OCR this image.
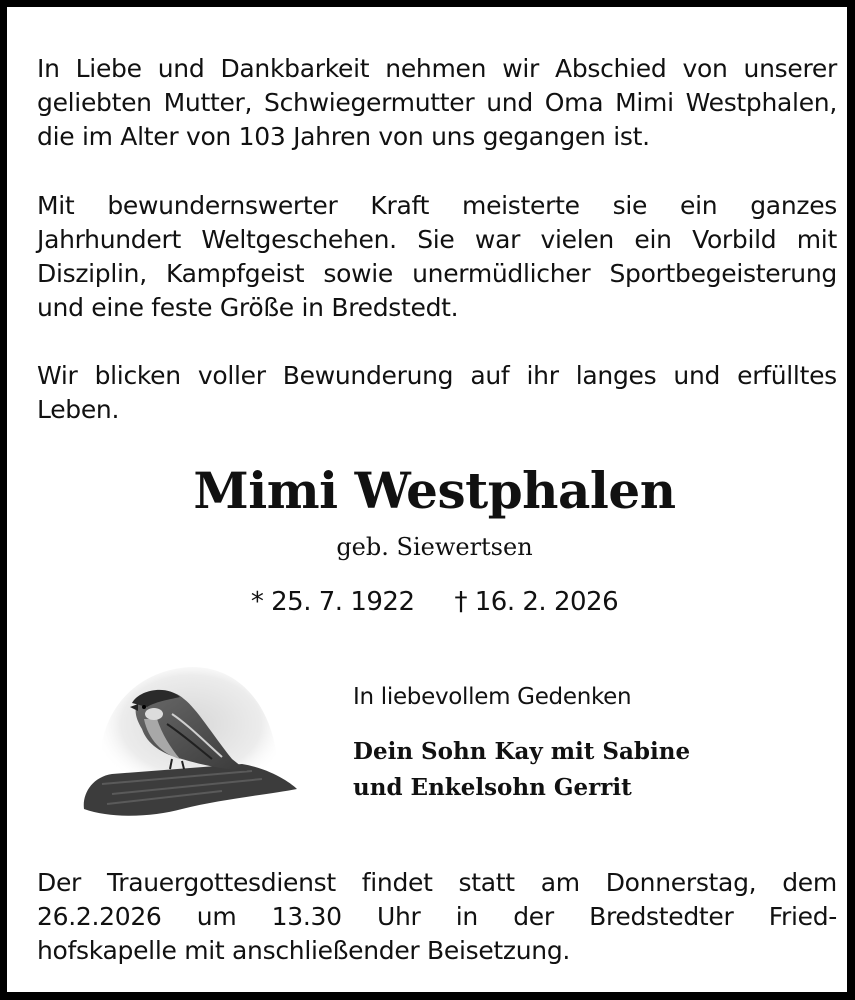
In Liebe und Dankbarkeit nehmen wir Abschied von unserer
geliebten Mutter, Schwiegermutter und Oma Mimi Westphalen,
die im Alter von 103 Jahren von uns gegangen ist.
Mit bewundernswerter Kraft meisterte sie ein ganzes
Jahrhundert Weltgeschehen. Sie war vielen ein Vorbild mit
Disziplin, Kampfgeist sowie unermüdlicher Sportbegeisterung
und eine feste Größe in Bredstedt.
Wir blicken voller Bewunderung auf ihr langes und erfülltes
Leben.
Mimi Westphalen
geb. Siewertsen
* 25. 7. 1922 † 16. 2. 2026
In liebevollem Gedenken
Dein Sohn Kay mit Sabine
und Enkelsohn Gerrit
Der Trauergottesdienst findet statt am Donnerstag, dem
26.2.2026 um 13.30 Uhr in der Bredstedter Fried-
hofskapelle mit anschließender Beisetzung.
